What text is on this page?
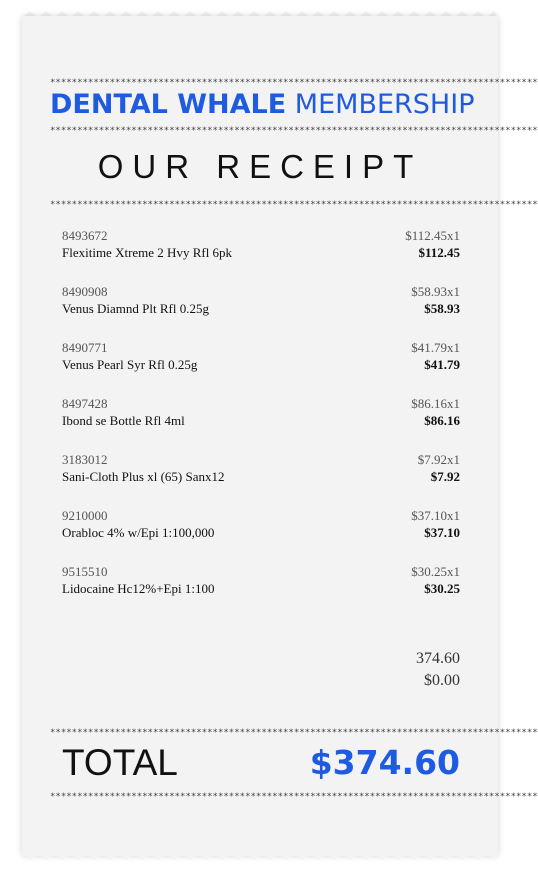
******************************************************************************************
DENTAL WHALE MEMBERSHIP
******************************************************************************************
OUR RECEIPT
******************************************************************************************
8493672	$112.45x1
Flexitime Xtreme 2 Hvy Rfl 6pk	$112.45
8490908	$58.93x1
Venus Diamnd Plt Rfl 0.25g	$58.93
8490771	$41.79x1
Venus Pearl Syr Rfl 0.25g	$41.79
8497428	$86.16x1
Ibond se Bottle Rfl 4ml	$86.16
3183012	$7.92x1
Sani-Cloth Plus xl (65) Sanx12	$7.92
9210000	$37.10x1
Orabloc 4% w/Epi 1:100,000	$37.10
9515510	$30.25x1
Lidocaine Hc12%+Epi 1:100	$30.25
374.60
$0.00
******************************************************************************************
TOTAL	$374.60
******************************************************************************************
